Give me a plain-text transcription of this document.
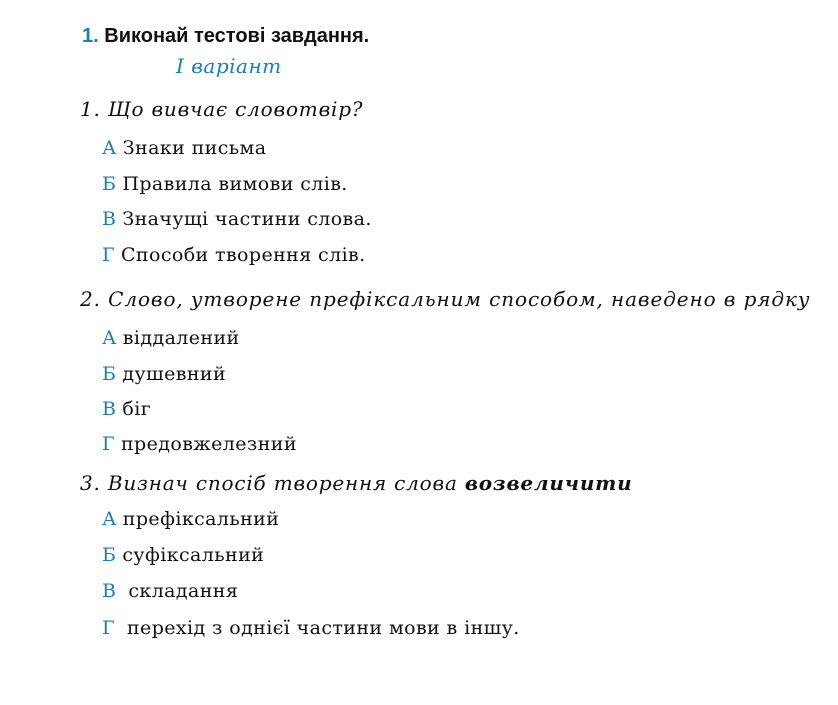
1. Виконай тестові завдання.
І варіант
1. Що вивчає словотвір?
А Знаки письма
Б Правила вимови слів.
В Значущі частини слова.
Г Способи творення слів.
2. Слово, утворене префіксальним способом, наведено в рядку
А віддалений
Б душевний
В біг
Г предовжелезний
3. Визнач спосіб творення слова возвеличити
А префіксальний
Б суфіксальний
В складання
Г перехід з однієї частини мови в іншу.
